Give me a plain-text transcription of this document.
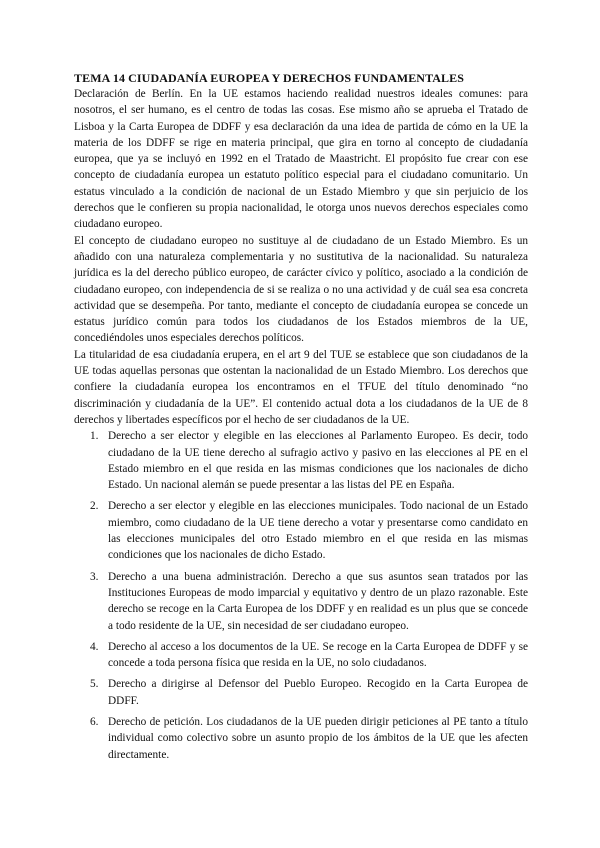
TEMA 14 CIUDADANÍA EUROPEA Y DERECHOS FUNDAMENTALES

Declaración de Berlín. En la UE estamos haciendo realidad nuestros ideales comunes: para nosotros, el ser humano, es el centro de todas las cosas. Ese mismo año se aprueba el Tratado de Lisboa y la Carta Europea de DDFF y esa declaración da una idea de partida de cómo en la UE la materia de los DDFF se rige en materia principal, que gira en torno al concepto de ciudadanía europea, que ya se incluyó en 1992 en el Tratado de Maastricht. El propósito fue crear con ese concepto de ciudadanía europea un estatuto político especial para el ciudadano comunitario. Un estatus vinculado a la condición de nacional de un Estado Miembro y que sin perjuicio de los derechos que le confieren su propia nacionalidad, le otorga unos nuevos derechos especiales como ciudadano europeo.

El concepto de ciudadano europeo no sustituye al de ciudadano de un Estado Miembro. Es un añadido con una naturaleza complementaria y no sustitutiva de la nacionalidad. Su naturaleza jurídica es la del derecho público europeo, de carácter cívico y político, asociado a la condición de ciudadano europeo, con independencia de si se realiza o no una actividad y de cuál sea esa concreta actividad que se desempeña. Por tanto, mediante el concepto de ciudadanía europea se concede un estatus jurídico común para todos los ciudadanos de los Estados miembros de la UE, concediéndoles unos especiales derechos políticos.

La titularidad de esa ciudadanía erupera, en el art 9 del TUE se establece que son ciudadanos de la UE todas aquellas personas que ostentan la nacionalidad de un Estado Miembro. Los derechos que confiere la ciudadanía europea los encontramos en el TFUE del título denominado “no discriminación y ciudadanía de la UE”. El contenido actual dota a los ciudadanos de la UE de 8 derechos y libertades específicos por el hecho de ser ciudadanos de la UE.

1. Derecho a ser elector y elegible en las elecciones al Parlamento Europeo. Es decir, todo ciudadano de la UE tiene derecho al sufragio activo y pasivo en las elecciones al PE en el Estado miembro en el que resida en las mismas condiciones que los nacionales de dicho Estado. Un nacional alemán se puede presentar a las listas del PE en España.
2. Derecho a ser elector y elegible en las elecciones municipales. Todo nacional de un Estado miembro, como ciudadano de la UE tiene derecho a votar y presentarse como candidato en las elecciones municipales del otro Estado miembro en el que resida en las mismas condiciones que los nacionales de dicho Estado.
3. Derecho a una buena administración. Derecho a que sus asuntos sean tratados por las Instituciones Europeas de modo imparcial y equitativo y dentro de un plazo razonable. Este derecho se recoge en la Carta Europea de los DDFF y en realidad es un plus que se concede a todo residente de la UE, sin necesidad de ser ciudadano europeo.
4. Derecho al acceso a los documentos de la UE. Se recoge en la Carta Europea de DDFF y se concede a toda persona física que resida en la UE, no solo ciudadanos.
5. Derecho a dirigirse al Defensor del Pueblo Europeo. Recogido en la Carta Europea de DDFF.
6. Derecho de petición. Los ciudadanos de la UE pueden dirigir peticiones al PE tanto a título individual como colectivo sobre un asunto propio de los ámbitos de la UE que les afecten directamente.
